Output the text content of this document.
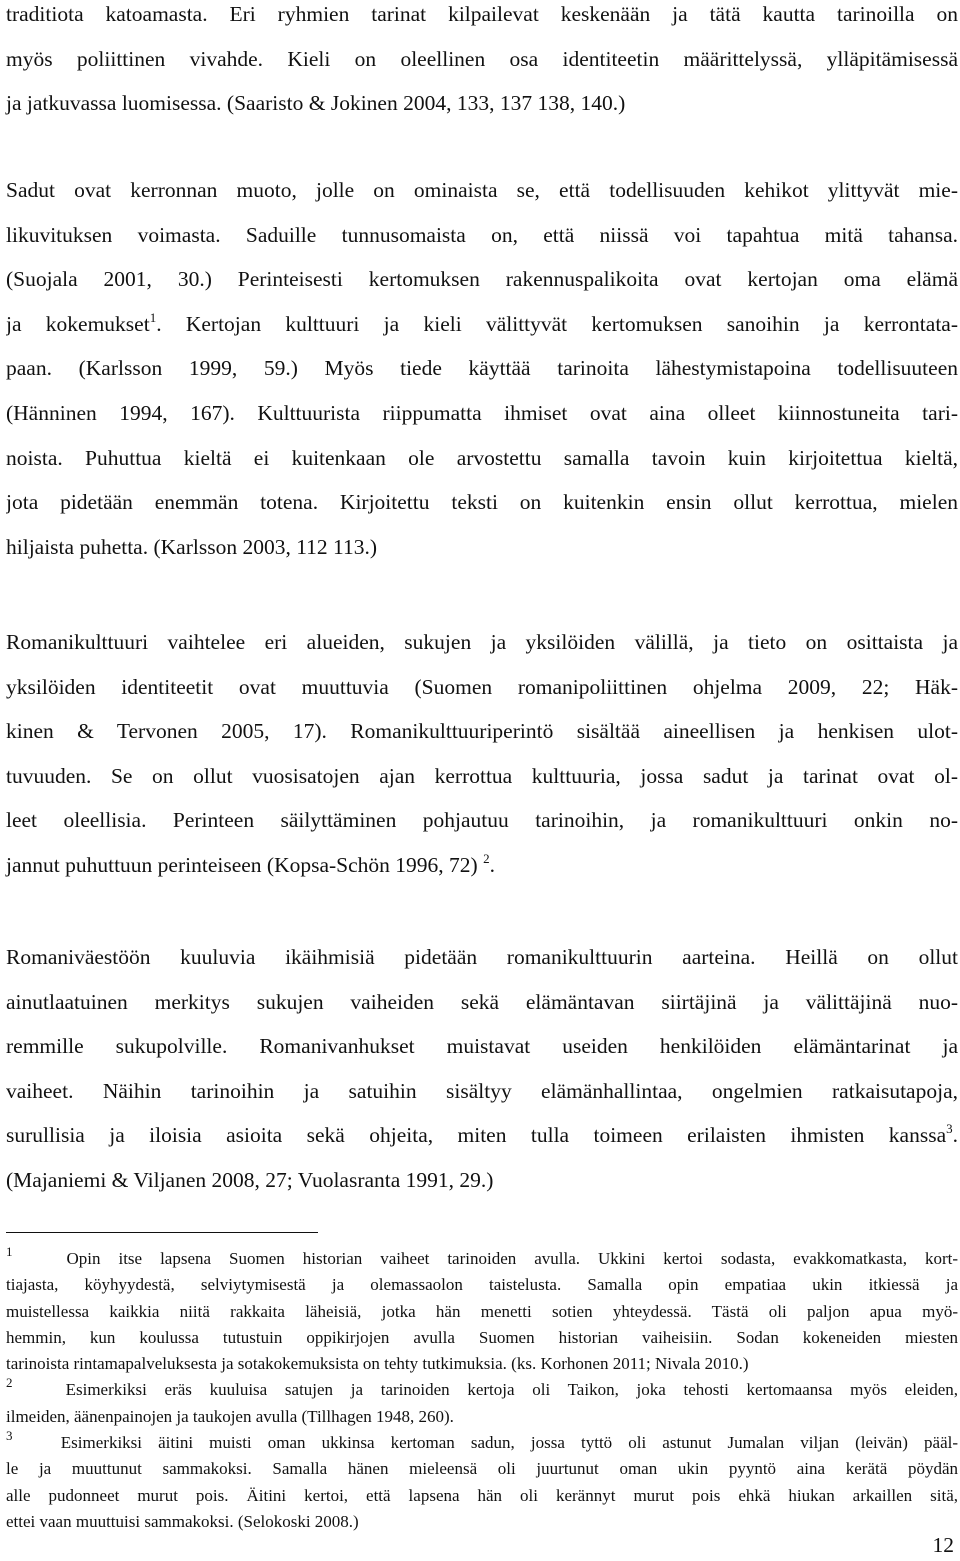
traditiota katoamasta. Eri ryhmien tarinat kilpailevat keskenään ja tätä kautta tarinoilla on
myös poliittinen vivahde. Kieli on oleellinen osa identiteetin määrittelyssä, ylläpitämisessä
ja jatkuvassa luomisessa. (Saaristo & Jokinen 2004, 133, 137 138, 140.)
Sadut ovat kerronnan muoto, jolle on ominaista se, että todellisuuden kehikot ylittyvät mie-
likuvituksen voimasta. Saduille tunnusomaista on, että niissä voi tapahtua mitä tahansa.
(Suojala 2001, 30.) Perinteisesti kertomuksen rakennuspalikoita ovat kertojan oma elämä
ja kokemukset$^1$. Kertojan kulttuuri ja kieli välittyvät kertomuksen sanoihin ja kerrontata-
paan. (Karlsson 1999, 59.) Myös tiede käyttää tarinoita lähestymistapoina todellisuuteen
(Hänninen 1994, 167). Kulttuurista riippumatta ihmiset ovat aina olleet kiinnostuneita tari-
noista. Puhuttua kieltä ei kuitenkaan ole arvostettu samalla tavoin kuin kirjoitettua kieltä,
jota pidetään enemmän totena. Kirjoitettu teksti on kuitenkin ensin ollut kerrottua, mielen
hiljaista puhetta. (Karlsson 2003, 112 113.)
Romanikulttuuri vaihtelee eri alueiden, sukujen ja yksilöiden välillä, ja tieto on osittaista ja
yksilöiden identiteetit ovat muuttuvia (Suomen romanipoliittinen ohjelma 2009, 22; Häk-
kinen & Tervonen 2005, 17). Romanikulttuuriperintö sisältää aineellisen ja henkisen ulot-
tuvuuden. Se on ollut vuosisatojen ajan kerrottua kulttuuria, jossa sadut ja tarinat ovat ol-
leet oleellisia. Perinteen säilyttäminen pohjautuu tarinoihin, ja romanikulttuuri onkin no-
jannut puhuttuun perinteiseen (Kopsa-Schön 1996, 72) $^2$.
Romaniväestöön kuuluvia ikäihmisiä pidetään romanikulttuurin aarteina. Heillä on ollut
ainutlaatuinen merkitys sukujen vaiheiden sekä elämäntavan siirtäjinä ja välittäjinä nuo-
remmille sukupolville. Romanivanhukset muistavat useiden henkilöiden elämäntarinat ja
vaiheet. Näihin tarinoihin ja satuihin sisältyy elämänhallintaa, ongelmien ratkaisutapoja,
surullisia ja iloisia asioita sekä ohjeita, miten tulla toimeen erilaisten ihmisten kanssa$^3$.
(Majaniemi & Viljanen 2008, 27; Vuolasranta 1991, 29.)
$^1$	Opin itse lapsena Suomen historian vaiheet tarinoiden avulla. Ukkini kertoi sodasta, evakkomatkasta, kort-
tiajasta, köyhyydestä, selviytymisestä ja olemassaolon taistelusta. Samalla opin empatiaa ukin itkiessä ja
muistellessa kaikkia niitä rakkaita läheisiä, jotka hän menetti sotien yhteydessä. Tästä oli paljon apua myö-
hemmin, kun koulussa tutustuin oppikirjojen avulla Suomen historian vaiheisiin. Sodan kokeneiden miesten
tarinoista rintamapalveluksesta ja sotakokemuksista on tehty tutkimuksia. (ks. Korhonen 2011; Nivala 2010.)
$^2$	Esimerkiksi eräs kuuluisa satujen ja tarinoiden kertoja oli Taikon, joka tehosti kertomaansa myös eleiden,
ilmeiden, äänenpainojen ja taukojen avulla (Tillhagen 1948, 260).
$^3$	Esimerkiksi äitini muisti oman ukkinsa kertoman sadun, jossa tyttö oli astunut Jumalan viljan (leivän) pääl-
le ja muuttunut sammakoksi. Samalla hänen mieleensä oli juurtunut oman ukin pyyntö aina kerätä pöydän
alle pudonneet murut pois. Äitini kertoi, että lapsena hän oli kerännyt murut pois ehkä hiukan arkaillen sitä,
ettei vaan muuttuisi sammakoksi. (Selokoski 2008.)
12
